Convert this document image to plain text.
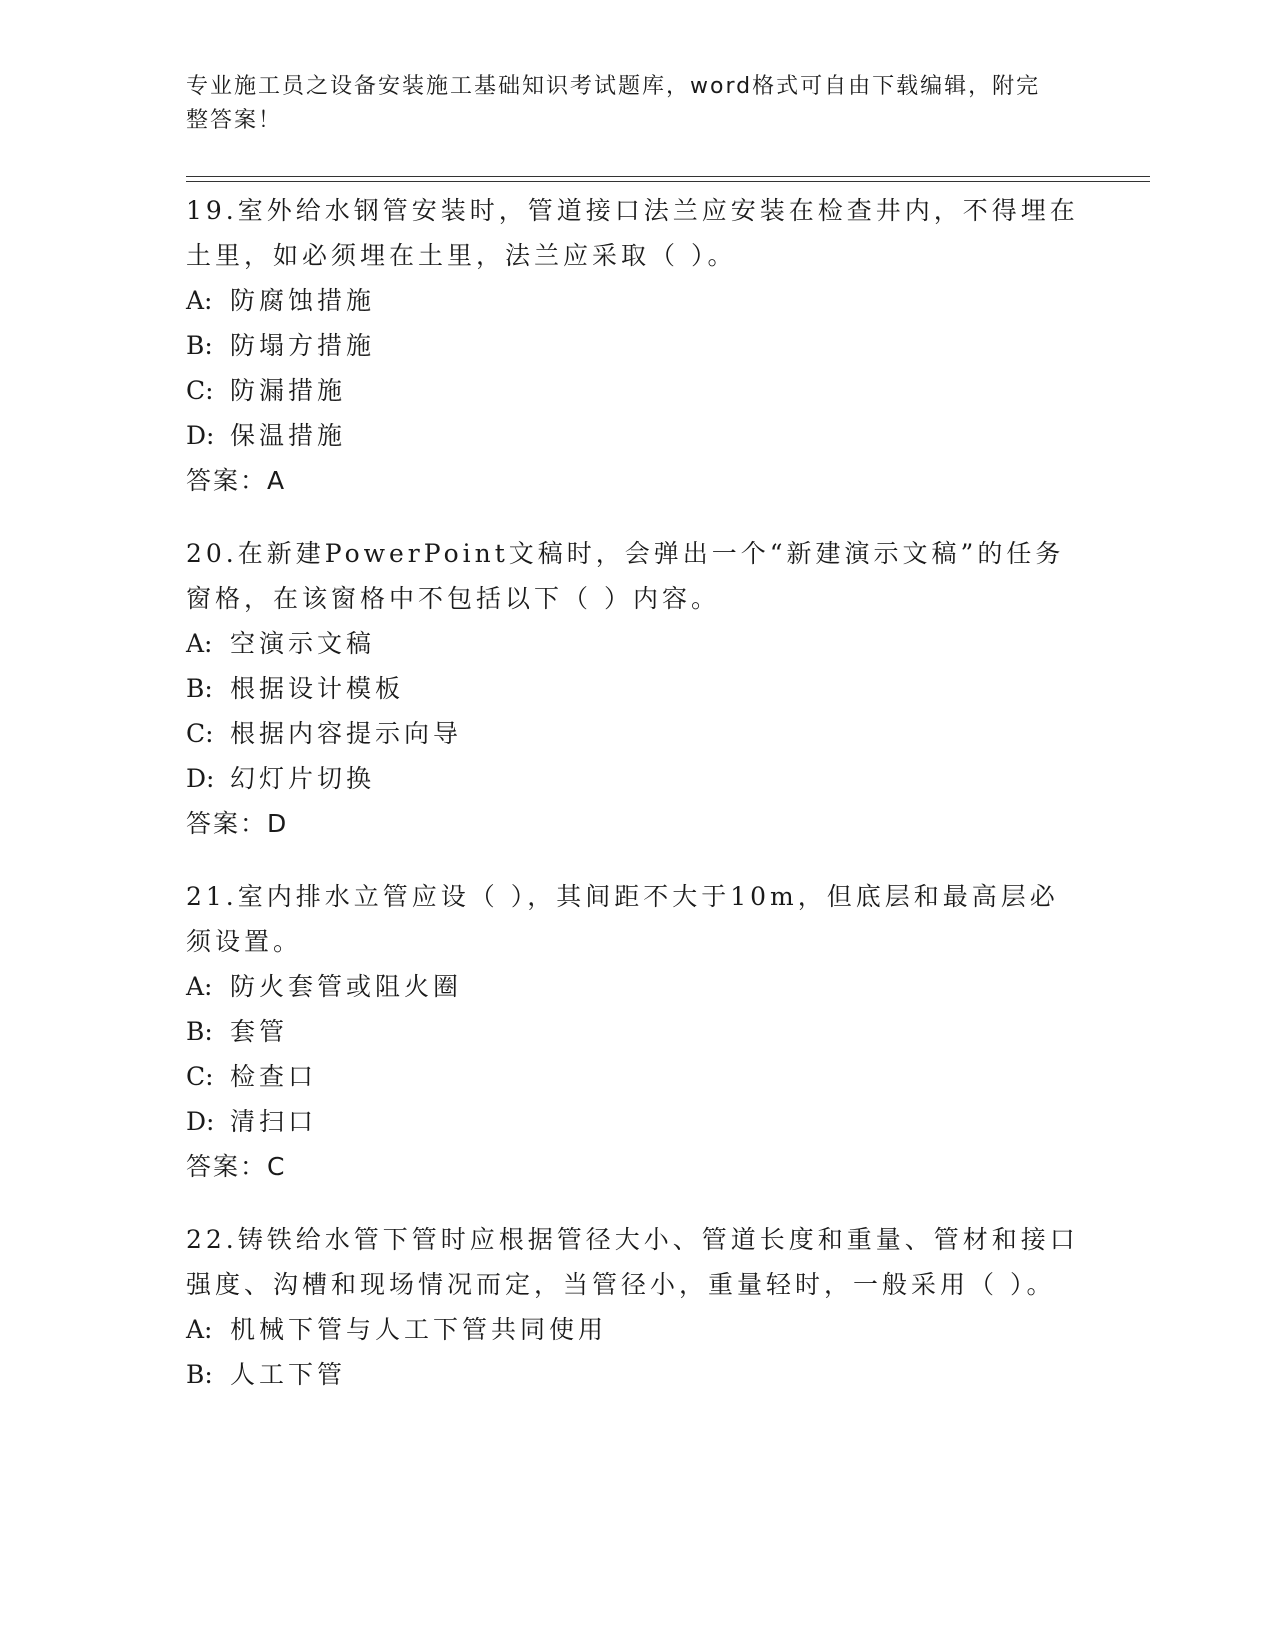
专业施工员之设备安装施工基础知识考试题库，word格式可自由下载编辑，附完
整答案！

19.室外给水钢管安装时，管道接口法兰应安装在检查井内，不得埋在土里，如必须埋在土里，法兰应采取（ ）。

A: 防腐蚀措施
B: 防塌方措施
C: 防漏措施
D: 保温措施

答案：A

20.在新建PowerPoint文稿时，会弹出一个“新建演示文稿”的任务窗格，在该窗格中不包括以下（ ）内容。

A: 空演示文稿
B: 根据设计模板
C: 根据内容提示向导
D: 幻灯片切换

答案：D

21.室内排水立管应设（ ），其间距不大于10m，但底层和最高层必须设置。

A: 防火套管或阻火圈
B: 套管
C: 检查口
D: 清扫口

答案：C

22.铸铁给水管下管时应根据管径大小、管道长度和重量、管材和接口强度、沟槽和现场情况而定，当管径小，重量轻时，一般采用（ ）。

A: 机械下管与人工下管共同使用
B: 人工下管
